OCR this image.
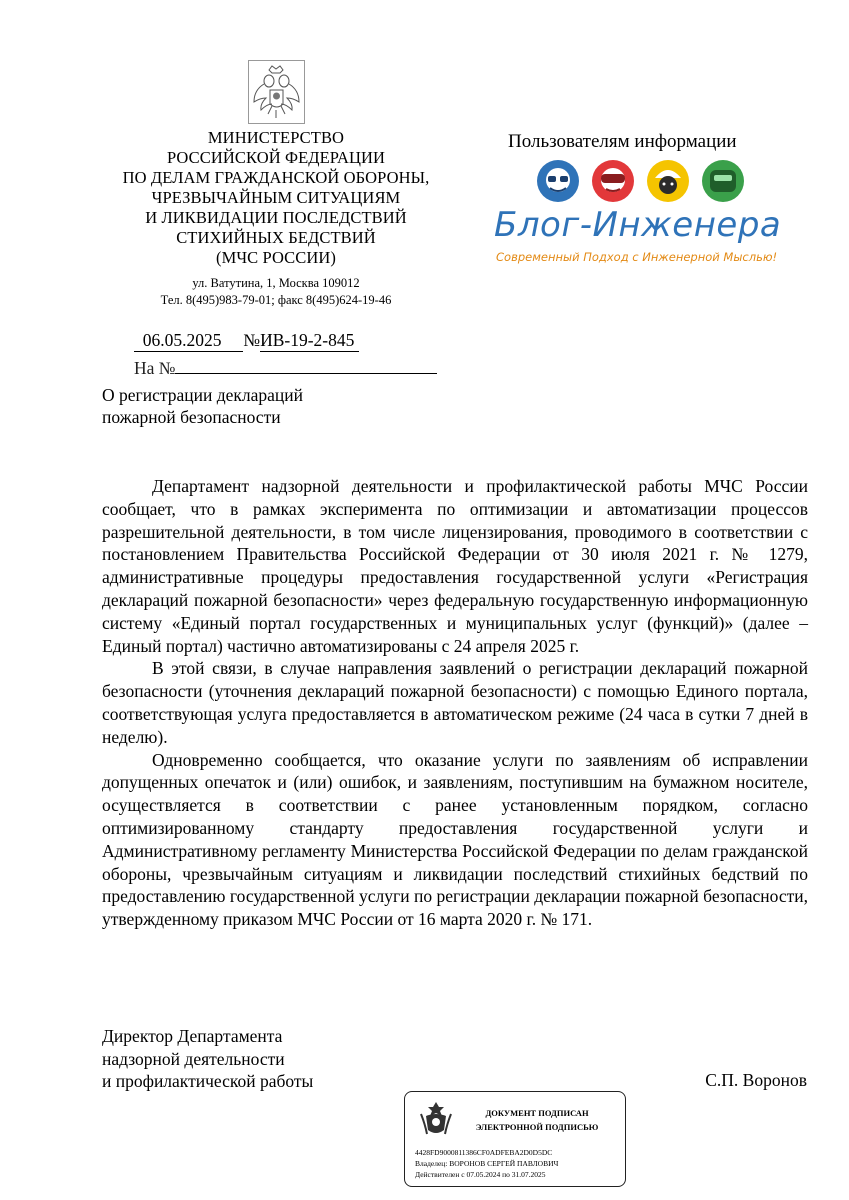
МИНИСТЕРСТВО
РОССИЙСКОЙ ФЕДЕРАЦИИ
ПО ДЕЛАМ ГРАЖДАНСКОЙ ОБОРОНЫ,
ЧРЕЗВЫЧАЙНЫМ СИТУАЦИЯМ
И ЛИКВИДАЦИИ ПОСЛЕДСТВИЙ
СТИХИЙНЫХ БЕДСТВИЙ
(МЧС РОССИИ)
ул. Ватутина, 1, Москва 109012
Тел. 8(495)983-79-01; факс 8(495)624-19-46
Пользователям информации
Блог-Инженера
Современный Подход с Инженерной Мыслью!
06.05.2025 №ИВ-19-2-845
На №
О регистрации деклараций
пожарной безопасности

Департамент надзорной деятельности и профилактической работы МЧС России сообщает, что в рамках эксперимента по оптимизации и автоматизации процессов разрешительной деятельности, в том числе лицензирования, проводимого в соответствии с постановлением Правительства Российской Федерации от 30 июля 2021 г. № 1279, административные процедуры предоставления государственной услуги «Регистрация деклараций пожарной безопасности» через федеральную государственную информационную систему «Единый портал государственных и муниципальных услуг (функций)» (далее – Единый портал) частично автоматизированы с 24 апреля 2025 г.

В этой связи, в случае направления заявлений о регистрации деклараций пожарной безопасности (уточнения деклараций пожарной безопасности) с помощью Единого портала, соответствующая услуга предоставляется в автоматическом режиме (24 часа в сутки 7 дней в неделю).

Одновременно сообщается, что оказание услуги по заявлениям об исправлении допущенных опечаток и (или) ошибок, и заявлениям, поступившим на бумажном носителе, осуществляется в соответствии с ранее установленным порядком, согласно оптимизированному стандарту предоставления государственной услуги и Административному регламенту Министерства Российской Федерации по делам гражданской обороны, чрезвычайным ситуациям и ликвидации последствий стихийных бедствий по предоставлению государственной услуги по регистрации декларации пожарной безопасности, утвержденному приказом МЧС России от 16 марта 2020 г. № 171.

Директор Департамента
надзорной деятельности
и профилактической работы	С.П. Воронов
ДОКУМЕНТ ПОДПИСАН
ЭЛЕКТРОННОЙ ПОДПИСЬЮ
4428FD9000811386CF0ADFEBA2D0D5DC
Владелец: ВОРОНОВ СЕРГЕЙ ПАВЛОВИЧ
Действителен с 07.05.2024 по 31.07.2025
